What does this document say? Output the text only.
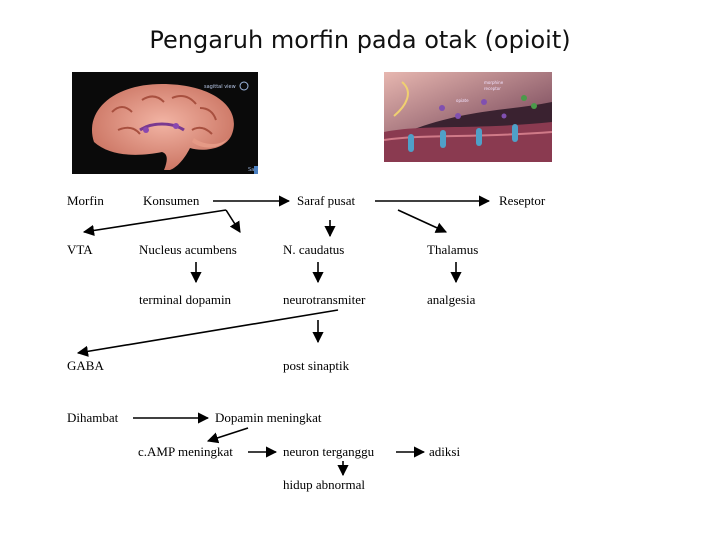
Pengaruh morfin pada otak (opioit)
sagittal view
Sa
morphine
receptor
opiate
Morfin	Konsumen	Saraf pusat	Reseptor
VTA	Nucleus acumbens	N. caudatus	Thalamus
terminal dopamin	neurotransmiter	analgesia
GABA	post sinaptik
Dihambat	Dopamin meningkat
c.AMP meningkat	neuron terganggu	adiksi
hidup abnormal
